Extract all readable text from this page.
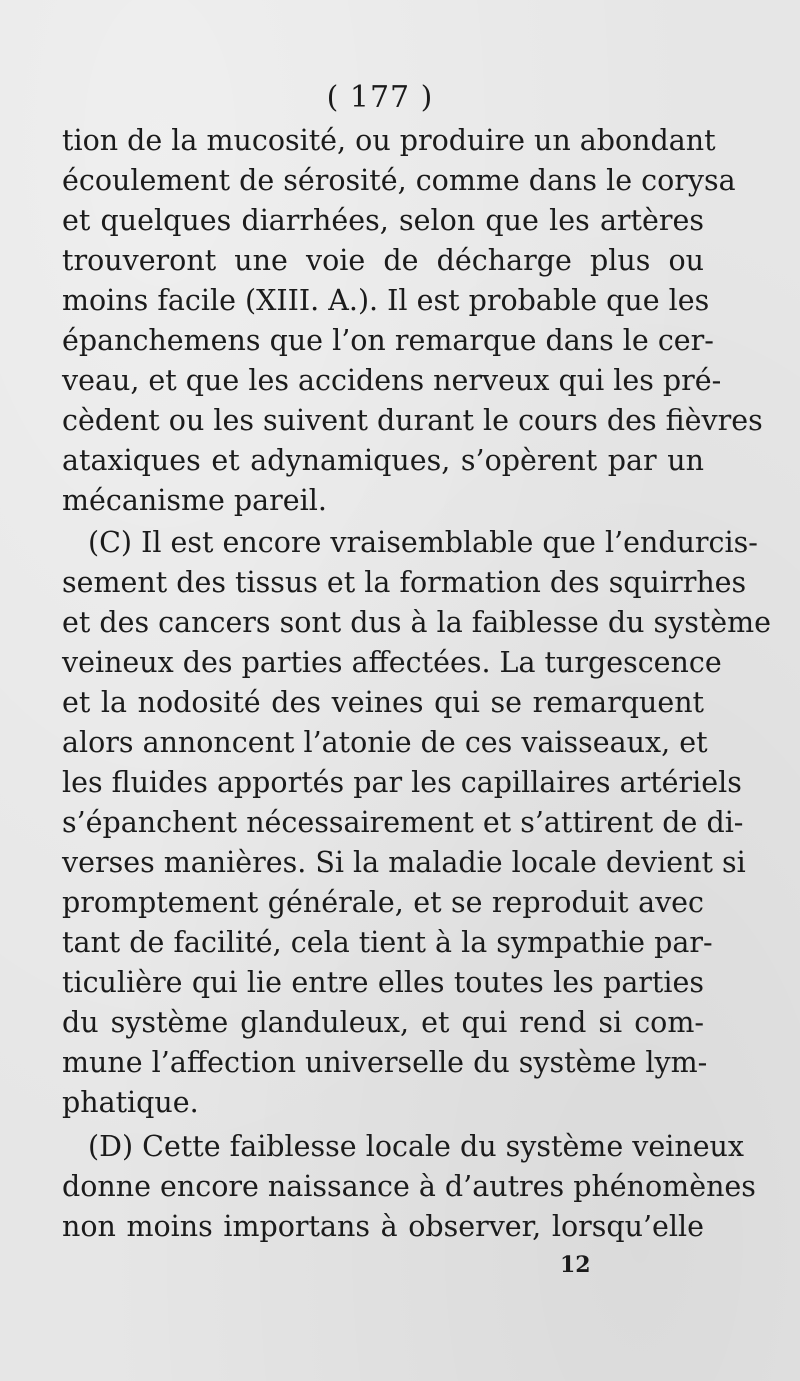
( 177 )
tion de la mucosité, ou produire un abondant
écoulement de sérosité, comme dans le corysa
et quelques diarrhées, selon que les artères
trouveront une voie de décharge plus ou
moins facile (XIII. A.). Il est probable que les
épanchemens que l’on remarque dans le cer-
veau, et que les accidens nerveux qui les pré-
cèdent ou les suivent durant le cours des fièvres
ataxiques et adynamiques, s’opèrent par un
mécanisme pareil.
(C) Il est encore vraisemblable que l’endurcis-
sement des tissus et la formation des squirrhes
et des cancers sont dus à la faiblesse du système
veineux des parties affectées. La turgescence
et la nodosité des veines qui se remarquent
alors annoncent l’atonie de ces vaisseaux, et
les fluides apportés par les capillaires artériels
s’épanchent nécessairement et s’attirent de di-
verses manières. Si la maladie locale devient si
promptement générale, et se reproduit avec
tant de facilité, cela tient à la sympathie par-
ticulière qui lie entre elles toutes les parties
du système glanduleux, et qui rend si com-
mune l’affection universelle du système lym-
phatique.
(D) Cette faiblesse locale du système veineux
donne encore naissance à d’autres phénomènes
non moins importans à observer, lorsqu’elle
12
